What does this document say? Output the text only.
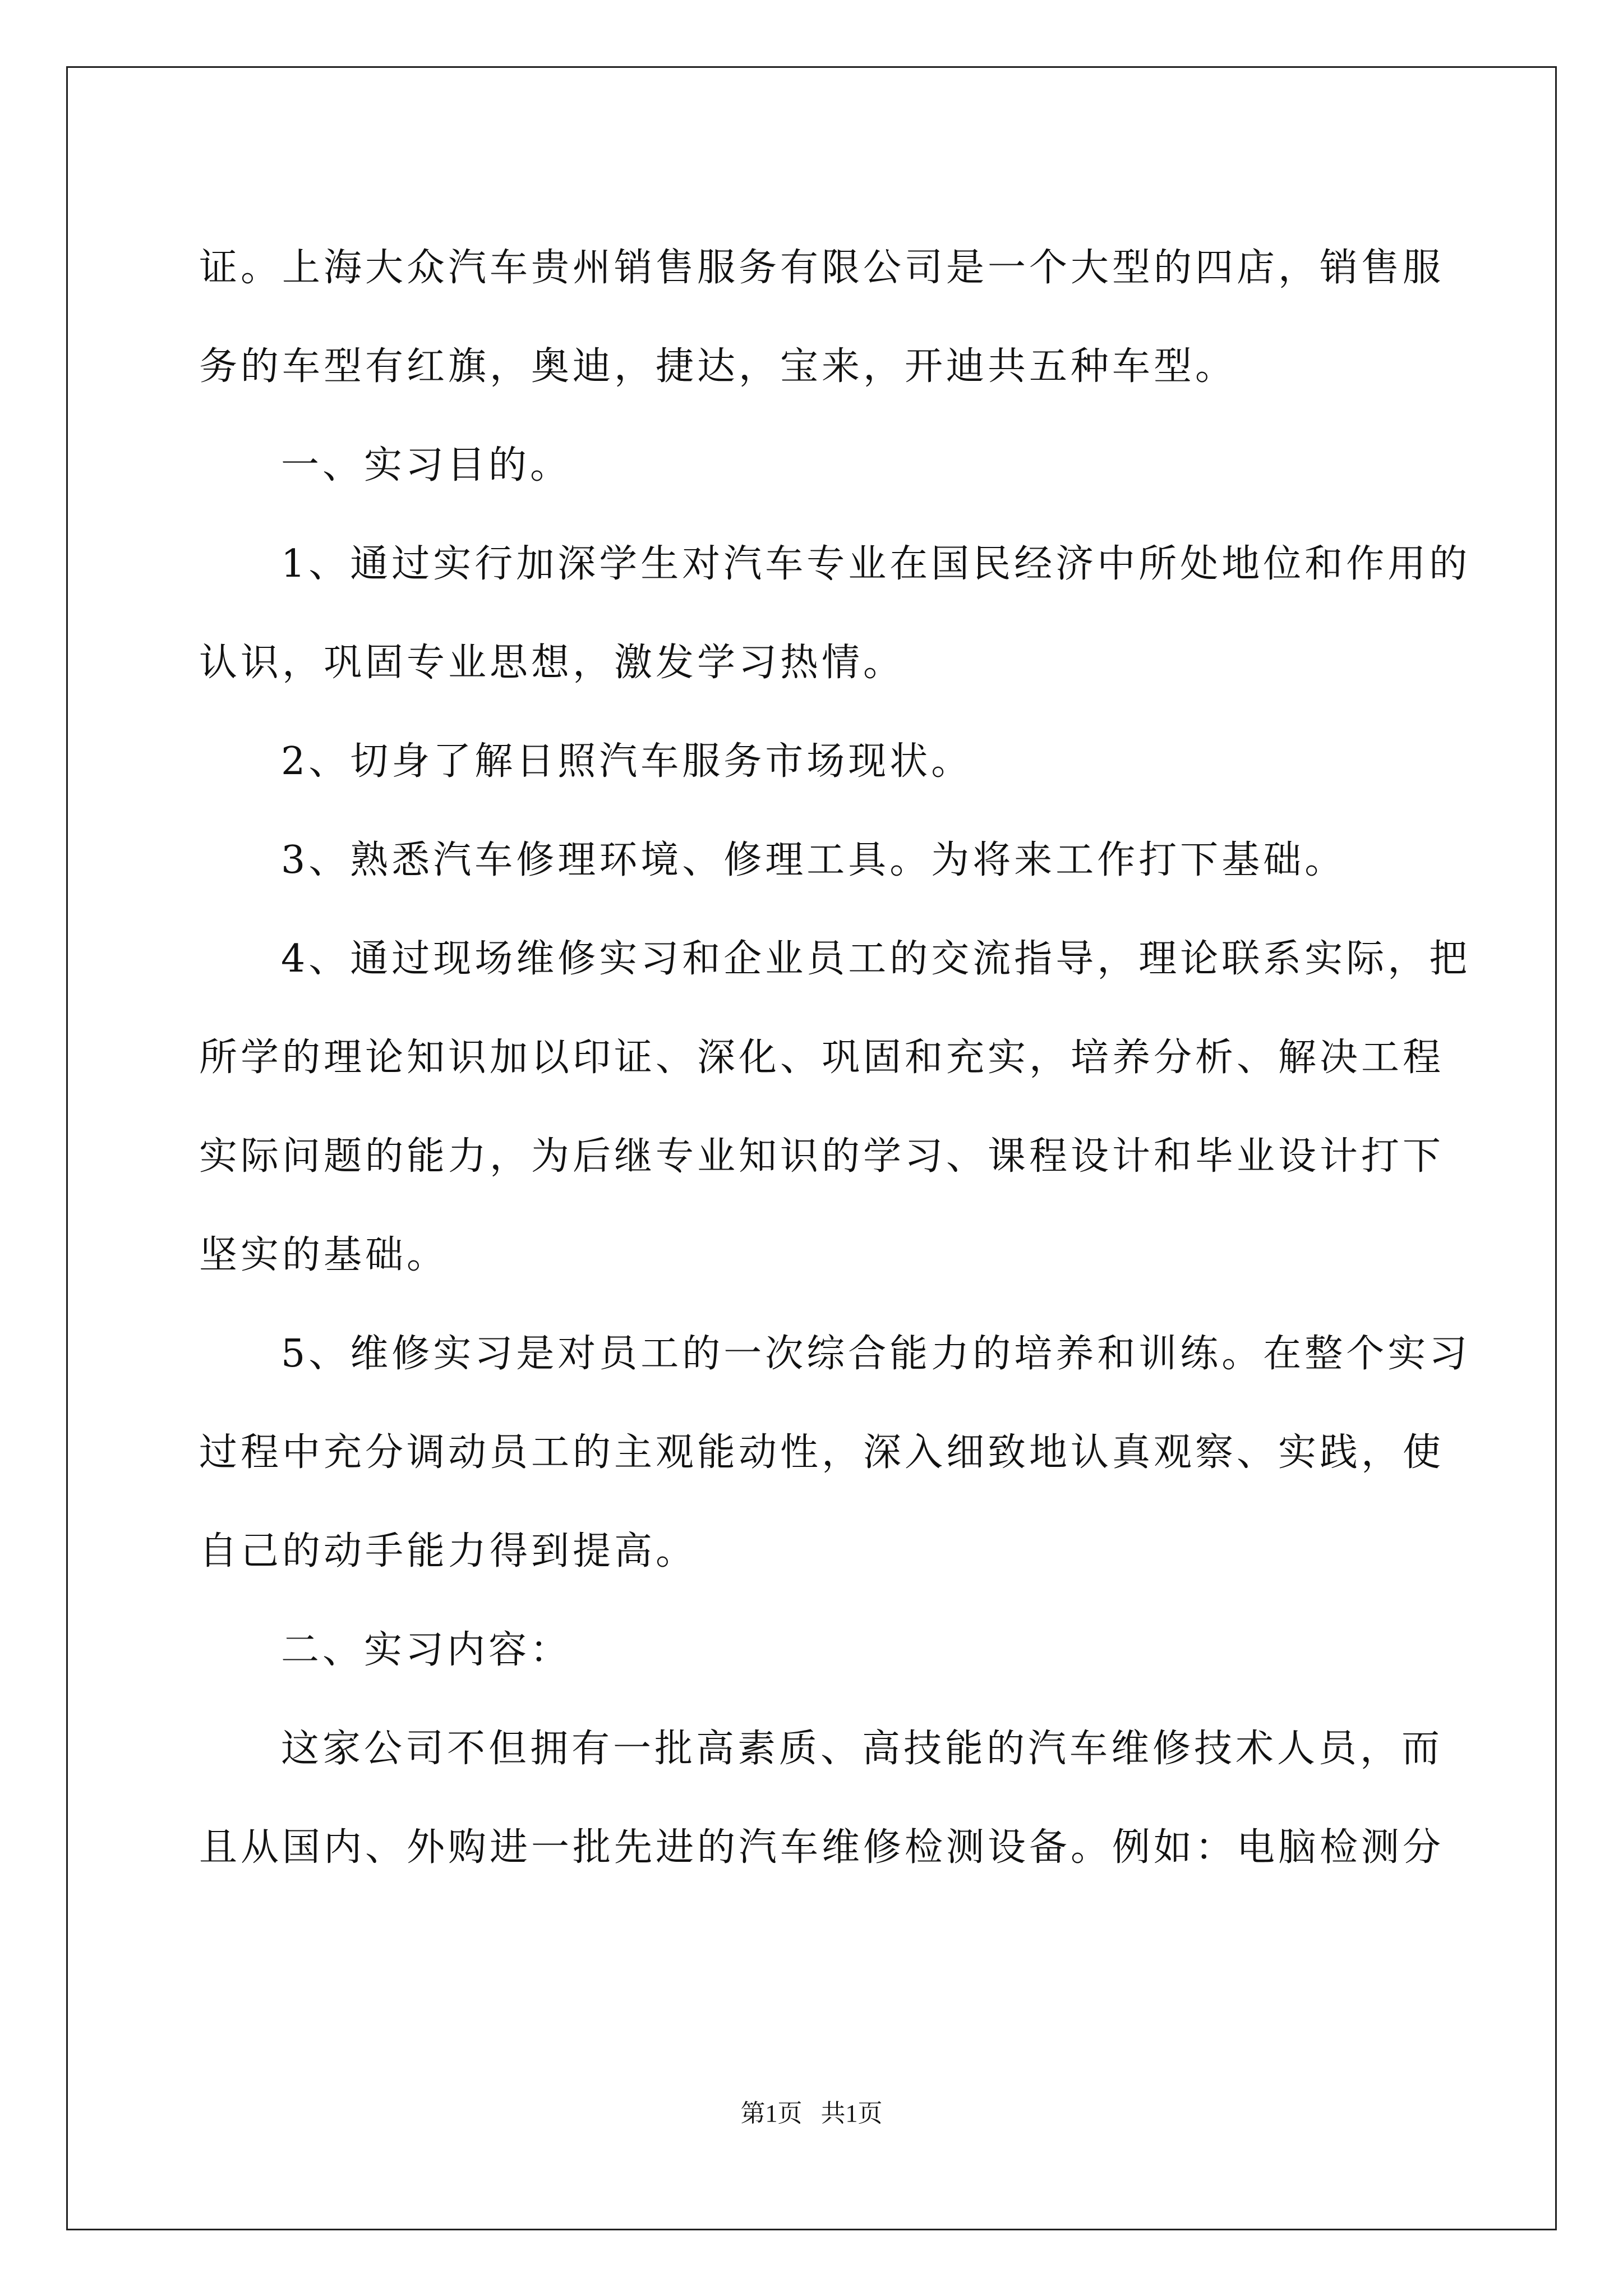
证。上海大众汽车贵州销售服务有限公司是一个大型的四店，销售服
务的车型有红旗，奥迪，捷达，宝来，开迪共五种车型。
一、实习目的。
1、通过实行加深学生对汽车专业在国民经济中所处地位和作用的
认识，巩固专业思想，激发学习热情。
2、切身了解日照汽车服务市场现状。
3、熟悉汽车修理环境、修理工具。为将来工作打下基础。
4、通过现场维修实习和企业员工的交流指导，理论联系实际，把
所学的理论知识加以印证、深化、巩固和充实，培养分析、解决工程
实际问题的能力，为后继专业知识的学习、课程设计和毕业设计打下
坚实的基础。
5、维修实习是对员工的一次综合能力的培养和训练。在整个实习
过程中充分调动员工的主观能动性，深入细致地认真观察、实践，使
自己的动手能力得到提高。
二、实习内容：
这家公司不但拥有一批高素质、高技能的汽车维修技术人员，而
且从国内、外购进一批先进的汽车维修检测设备。例如：电脑检测分
第1页   共1页
